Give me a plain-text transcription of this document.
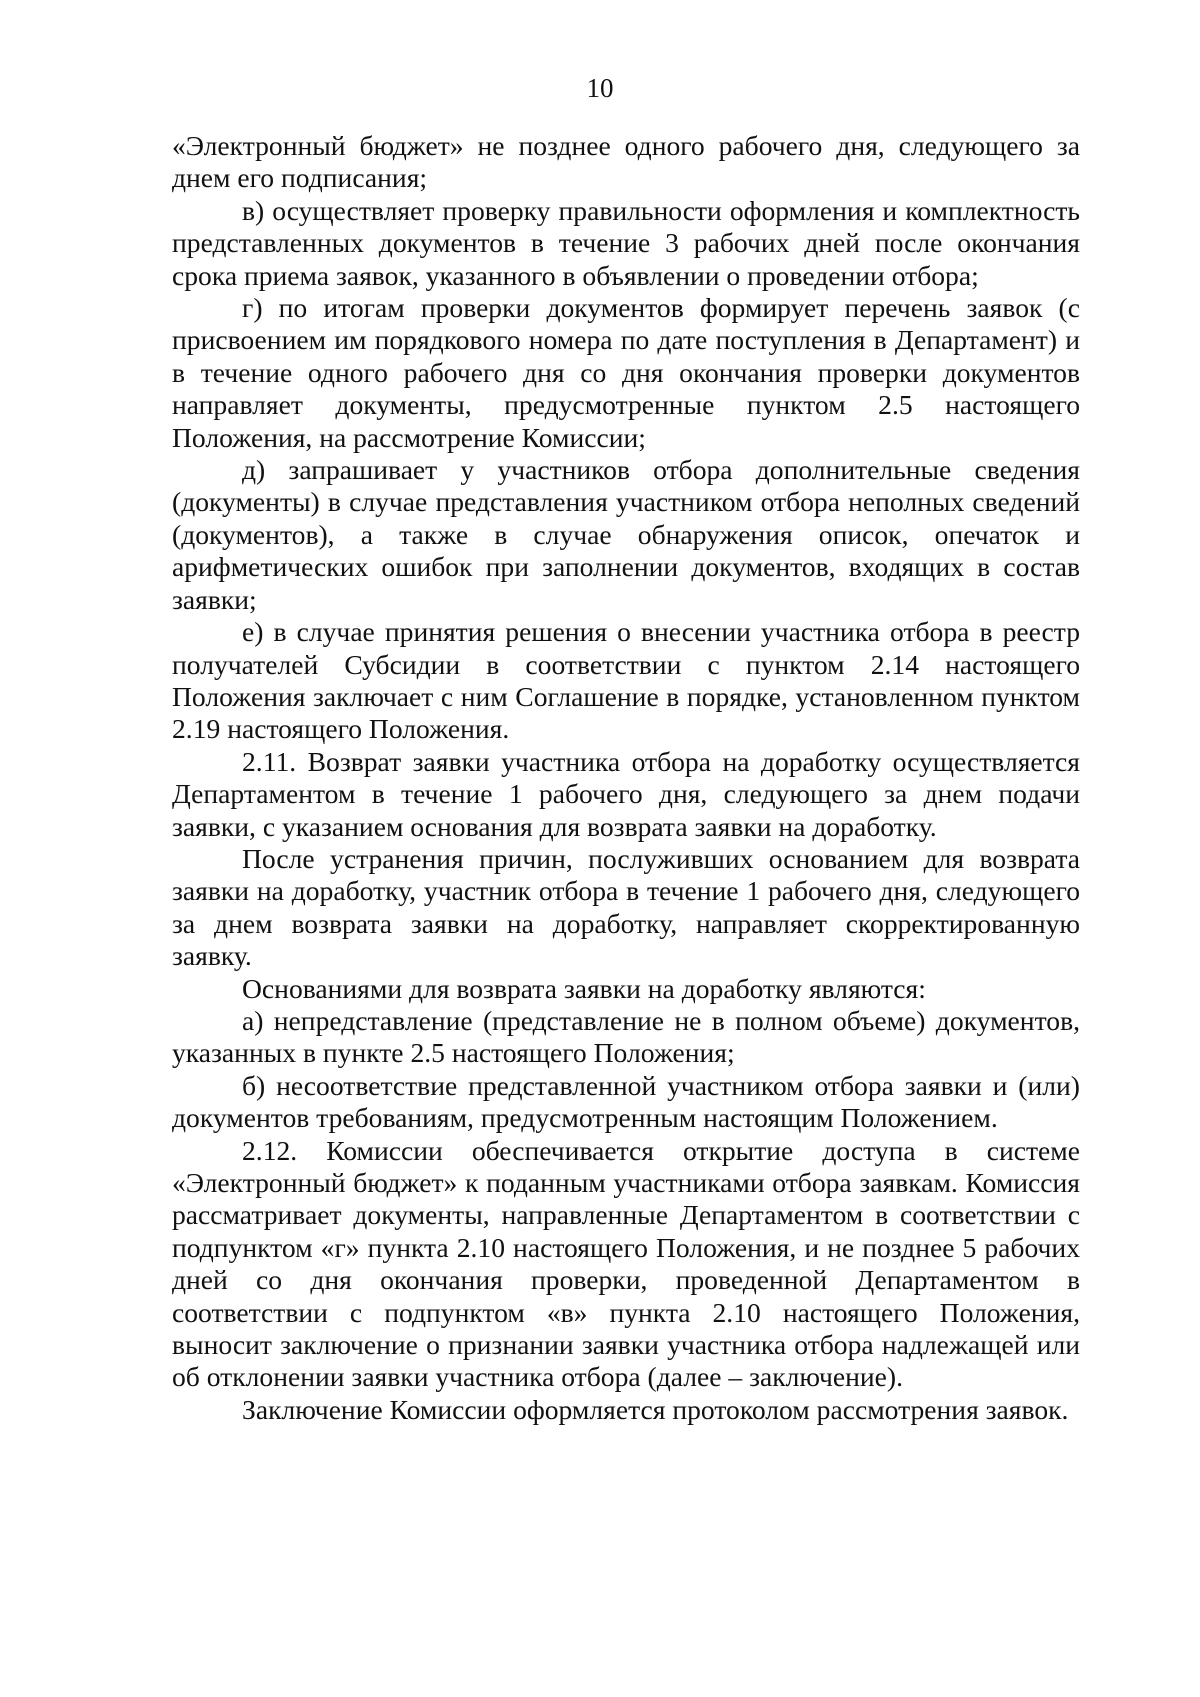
10

«Электронный бюджет» не позднее одного рабочего дня, следующего за днем его подписания;

в) осуществляет проверку правильности оформления и комплектность представленных документов в течение 3 рабочих дней после окончания срока приема заявок, указанного в объявлении о проведении отбора;

г) по итогам проверки документов формирует перечень заявок (с присвоением им порядкового номера по дате поступления в Департамент) и в течение одного рабочего дня со дня окончания проверки документов направляет документы, предусмотренные пунктом 2.5 настоящего Положения, на рассмотрение Комиссии;

д) запрашивает у участников отбора дополнительные сведения (документы) в случае представления участником отбора неполных сведений (документов), а также в случае обнаружения описок, опечаток и арифметических ошибок при заполнении документов, входящих в состав заявки;

е) в случае принятия решения о внесении участника отбора в реестр получателей Субсидии в соответствии с пунктом 2.14 настоящего Положения заключает с ним Соглашение в порядке, установленном пунктом 2.19 настоящего Положения.

2.11. Возврат заявки участника отбора на доработку осуществляется Департаментом в течение 1 рабочего дня, следующего за днем подачи заявки, с указанием основания для возврата заявки на доработку.

После устранения причин, послуживших основанием для возврата заявки на доработку, участник отбора в течение 1 рабочего дня, следующего за днем возврата заявки на доработку, направляет скорректированную заявку.

Основаниями для возврата заявки на доработку являются:

а) непредставление (представление не в полном объеме) документов, указанных в пункте 2.5 настоящего Положения;

б) несоответствие представленной участником отбора заявки и (или) документов требованиям, предусмотренным настоящим Положением.

2.12. Комиссии обеспечивается открытие доступа в системе «Электронный бюджет» к поданным участниками отбора заявкам. Комиссия рассматривает документы, направленные Департаментом в соответствии с подпунктом «г» пункта 2.10 настоящего Положения, и не позднее 5 рабочих дней со дня окончания проверки, проведенной Департаментом в соответствии с подпунктом «в» пункта 2.10 настоящего Положения, выносит заключение о признании заявки участника отбора надлежащей или об отклонении заявки участника отбора (далее – заключение).

Заключение Комиссии оформляется протоколом рассмотрения заявок.
